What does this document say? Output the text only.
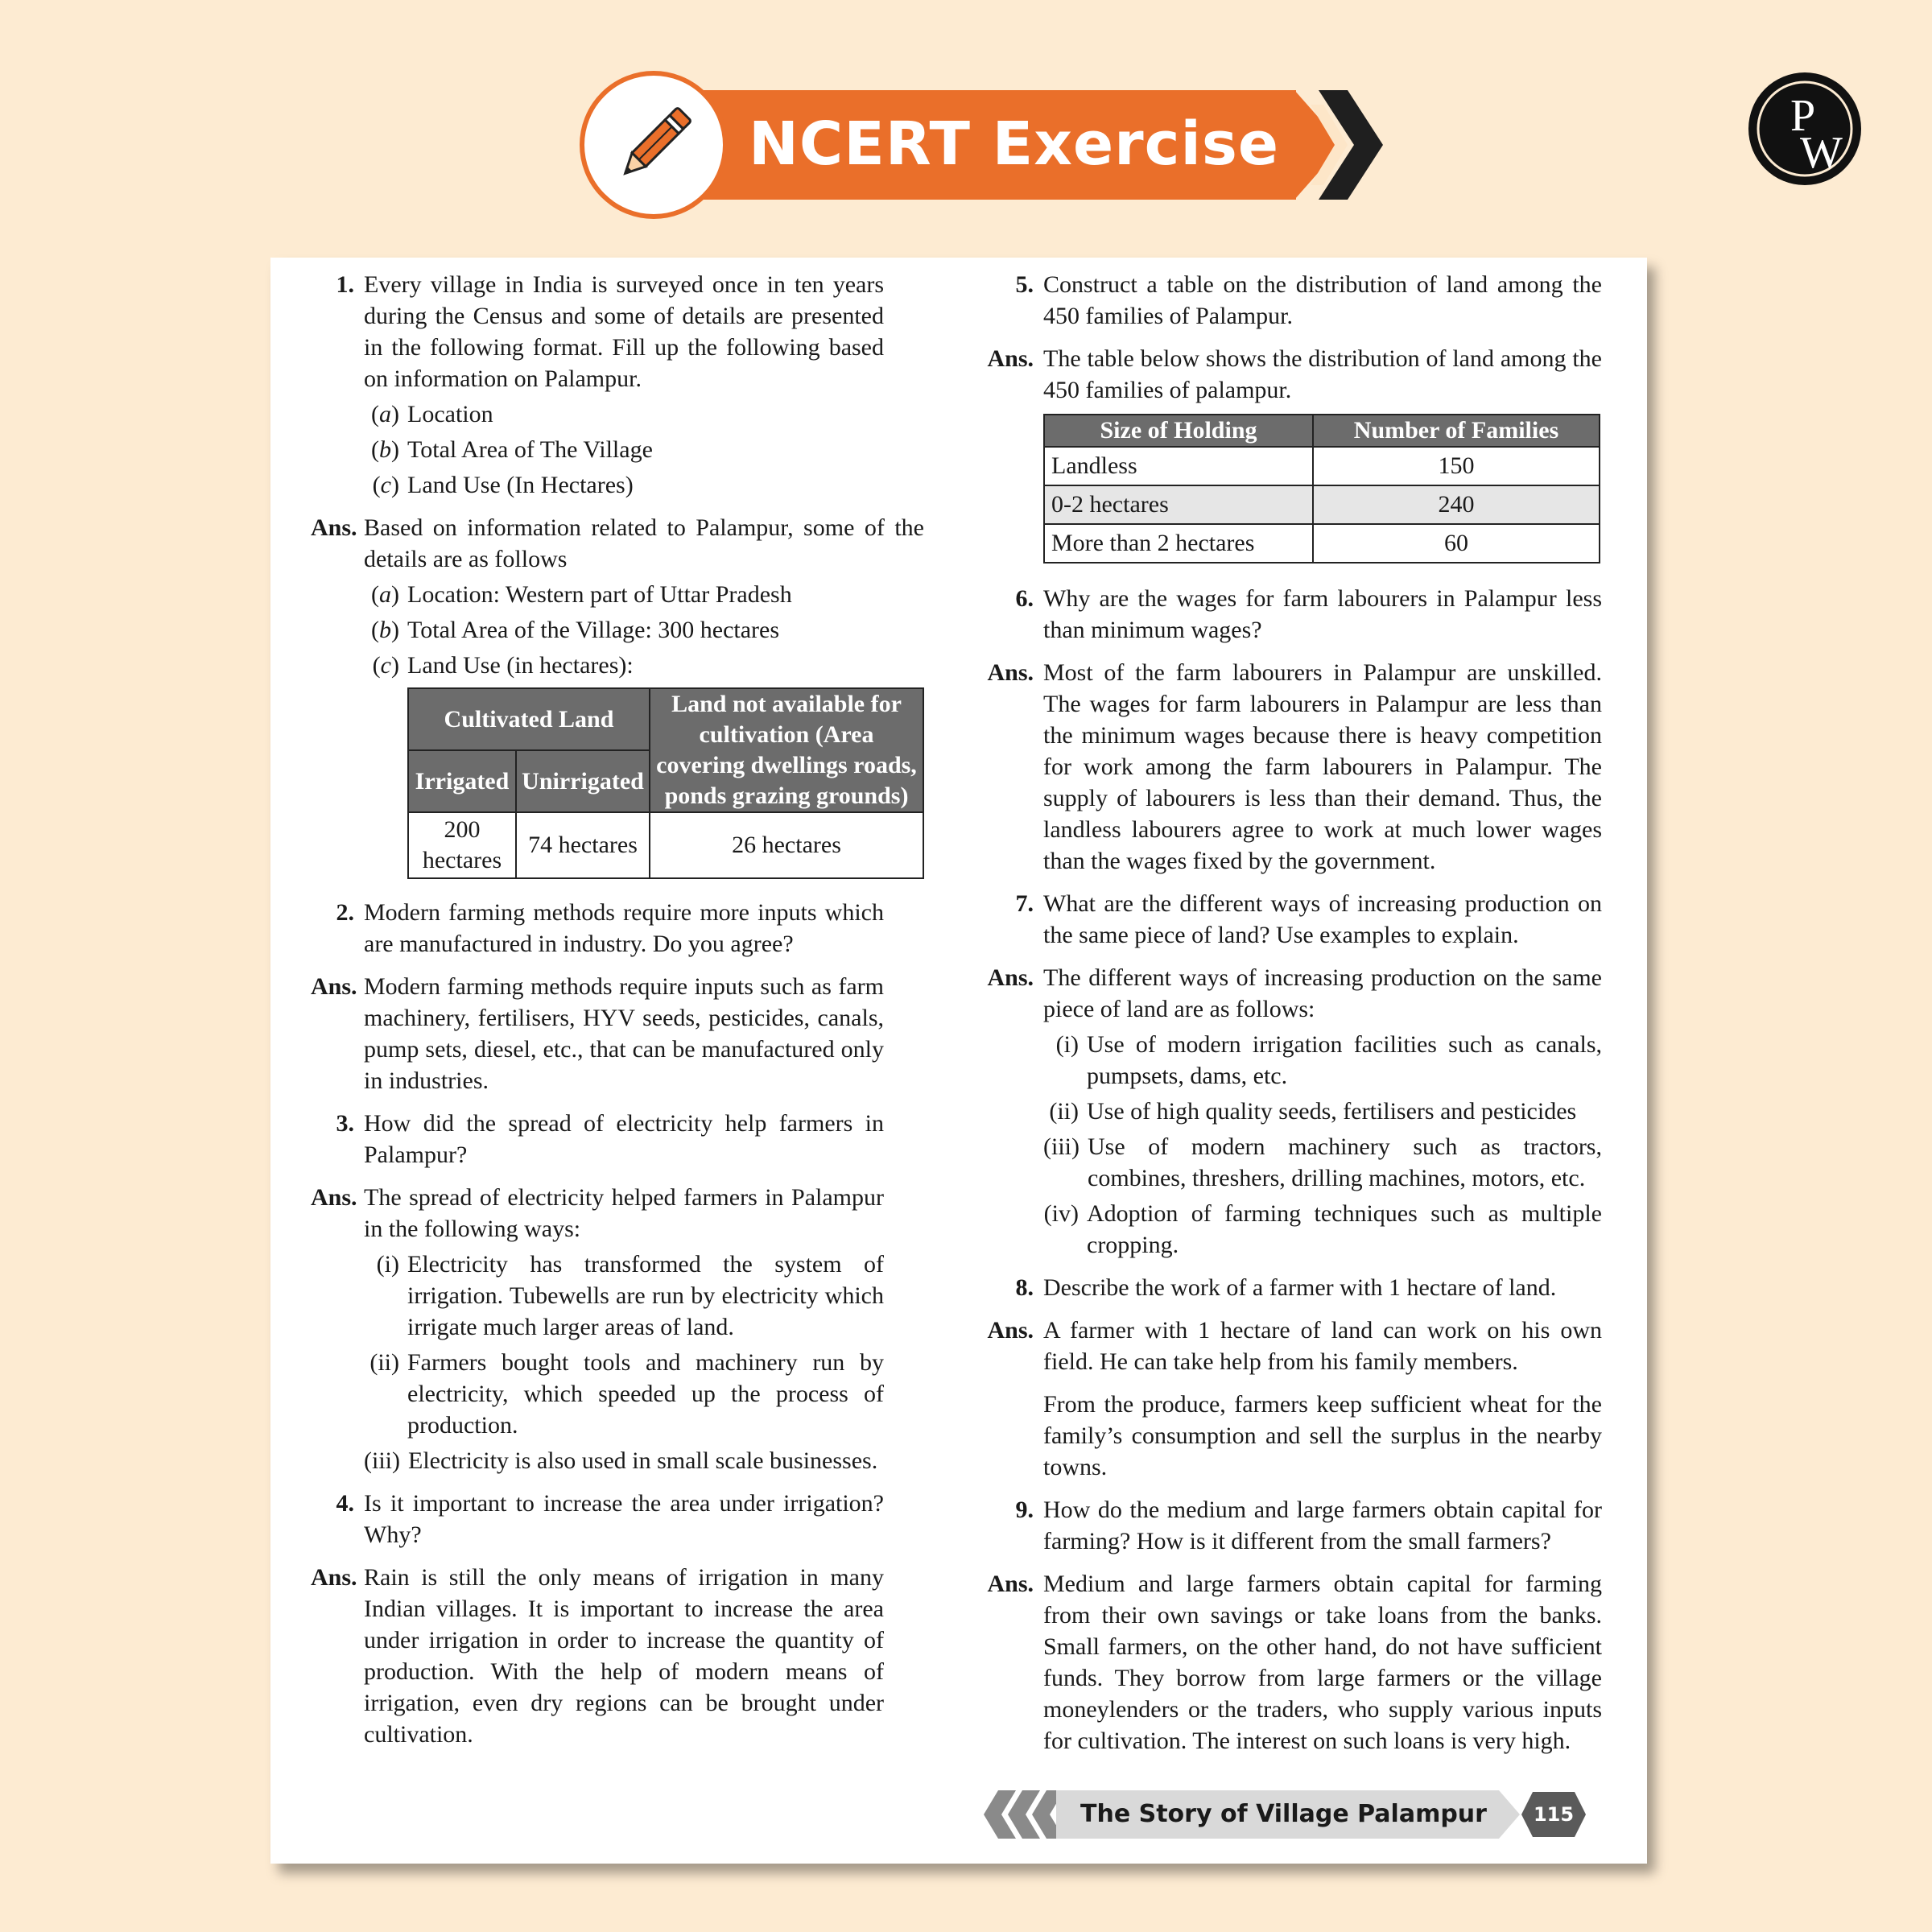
NCERT Exercise	P
W
1. Every village in India is surveyed once in ten years during the Census and some of details are presented in the following format. Fill up the following based on information on Palampur.

(a) Location
(b) Total Area of The Village
(c) Land Use (In Hectares)
Ans. Based on information related to Palampur, some of the details are as follows

(a) Location: Western part of Uttar Pradesh
(b) Total Area of the Village: 300 hectares
(c) Land Use (in hectares):
Cultivated Land		Land not available for cultivation (Area covering dwellings roads, ponds grazing grounds)
Irrigated	Unirrigated	
200 hectares	74 hectares	26 hectares
2. Modern farming methods require more inputs which are manufactured in industry. Do you agree?

Ans. Modern farming methods require inputs such as farm machinery, fertilisers, HYV seeds, pesticides, canals, pump sets, diesel, etc., that can be manufactured only in industries.

3. How did the spread of electricity help farmers in Palampur?

Ans. The spread of electricity helped farmers in Palampur in the following ways:

(i) Electricity has transformed the system of irrigation. Tubewells are run by electricity which irrigate much larger areas of land.
(ii) Farmers bought tools and machinery run by electricity, which speeded up the process of production.
(iii) Electricity is also used in small scale businesses.
4. Is it important to increase the area under irrigation? Why?

Ans. Rain is still the only means of irrigation in many Indian villages. It is important to increase the area under irrigation in order to increase the quantity of production. With the help of modern means of irrigation, even dry regions can be brought under cultivation.

5. Construct a table on the distribution of land among the 450 families of Palampur.

Ans. The table below shows the distribution of land among the 450 families of palampur.

Size of Holding	Number of Families
Landless	150
0-2 hectares	240
More than 2 hectares	60
6. Why are the wages for farm labourers in Palampur less than minimum wages?

Ans. Most of the farm labourers in Palampur are unskilled. The wages for farm labourers in Palampur are less than the minimum wages because there is heavy competition for work among the farm labourers in Palampur. The supply of labourers is less than their demand. Thus, the landless labourers agree to work at much lower wages than the wages fixed by the government.

7. What are the different ways of increasing production on the same piece of land? Use examples to explain.

Ans. The different ways of increasing production on the same piece of land are as follows:

(i) Use of modern irrigation facilities such as canals, pumpsets, dams, etc.
(ii) Use of high quality seeds, fertilisers and pesticides
(iii) Use of modern machinery such as tractors, combines, threshers, drilling machines, motors, etc.
(iv) Adoption of farming techniques such as multiple cropping.
8. Describe the work of a farmer with 1 hectare of land.

Ans. A farmer with 1 hectare of land can work on his own field. He can take help from his family members.

From the produce, farmers keep sufficient wheat for the family’s consumption and sell the surplus in the nearby towns.

9. How do the medium and large farmers obtain capital for farming? How is it different from the small farmers?

Ans. Medium and large farmers obtain capital for farming from their own savings or take loans from the banks. Small farmers, on the other hand, do not have sufficient funds. They borrow from large farmers or the village moneylenders or the traders, who supply various inputs for cultivation. The interest on such loans is very high.

The Story of Village Palampur	115
